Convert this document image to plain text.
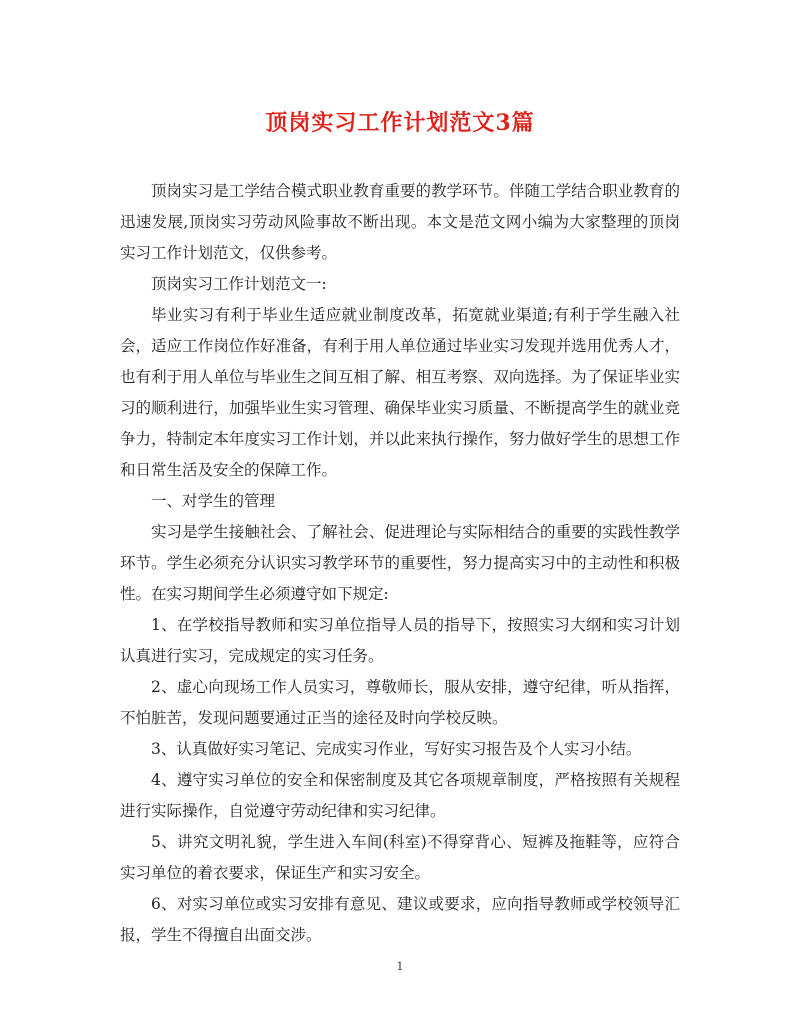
顶岗实习工作计划范文3篇

顶岗实习是工学结合模式职业教育重要的教学环节。伴随工学结合职业教育的迅速发展,顶岗实习劳动风险事故不断出现。本文是范文网小编为大家整理的顶岗实习工作计划范文，仅供参考。

顶岗实习工作计划范文一:

毕业实习有利于毕业生适应就业制度改革，拓宽就业渠道;有利于学生融入社会，适应工作岗位作好准备，有利于用人单位通过毕业实习发现并选用优秀人才，也有利于用人单位与毕业生之间互相了解、相互考察、双向选择。为了保证毕业实习的顺利进行，加强毕业生实习管理、确保毕业实习质量、不断提高学生的就业竞争力，特制定本年度实习工作计划，并以此来执行操作，努力做好学生的思想工作和日常生活及安全的保障工作。

一、对学生的管理

实习是学生接触社会、了解社会、促进理论与实际相结合的重要的实践性教学环节。学生必须充分认识实习教学环节的重要性，努力提高实习中的主动性和积极性。在实习期间学生必须遵守如下规定:

1、在学校指导教师和实习单位指导人员的指导下，按照实习大纲和实习计划认真进行实习，完成规定的实习任务。

2、虚心向现场工作人员实习，尊敬师长，服从安排，遵守纪律，听从指挥，不怕脏苦，发现问题要通过正当的途径及时向学校反映。

3、认真做好实习笔记、完成实习作业，写好实习报告及个人实习小结。

4、遵守实习单位的安全和保密制度及其它各项规章制度，严格按照有关规程进行实际操作，自觉遵守劳动纪律和实习纪律。

5、讲究文明礼貌，学生进入车间(科室)不得穿背心、短裤及拖鞋等，应符合实习单位的着衣要求，保证生产和实习安全。

6、对实习单位或实习安排有意见、建议或要求，应向指导教师或学校领导汇报，学生不得擅自出面交涉。

1
